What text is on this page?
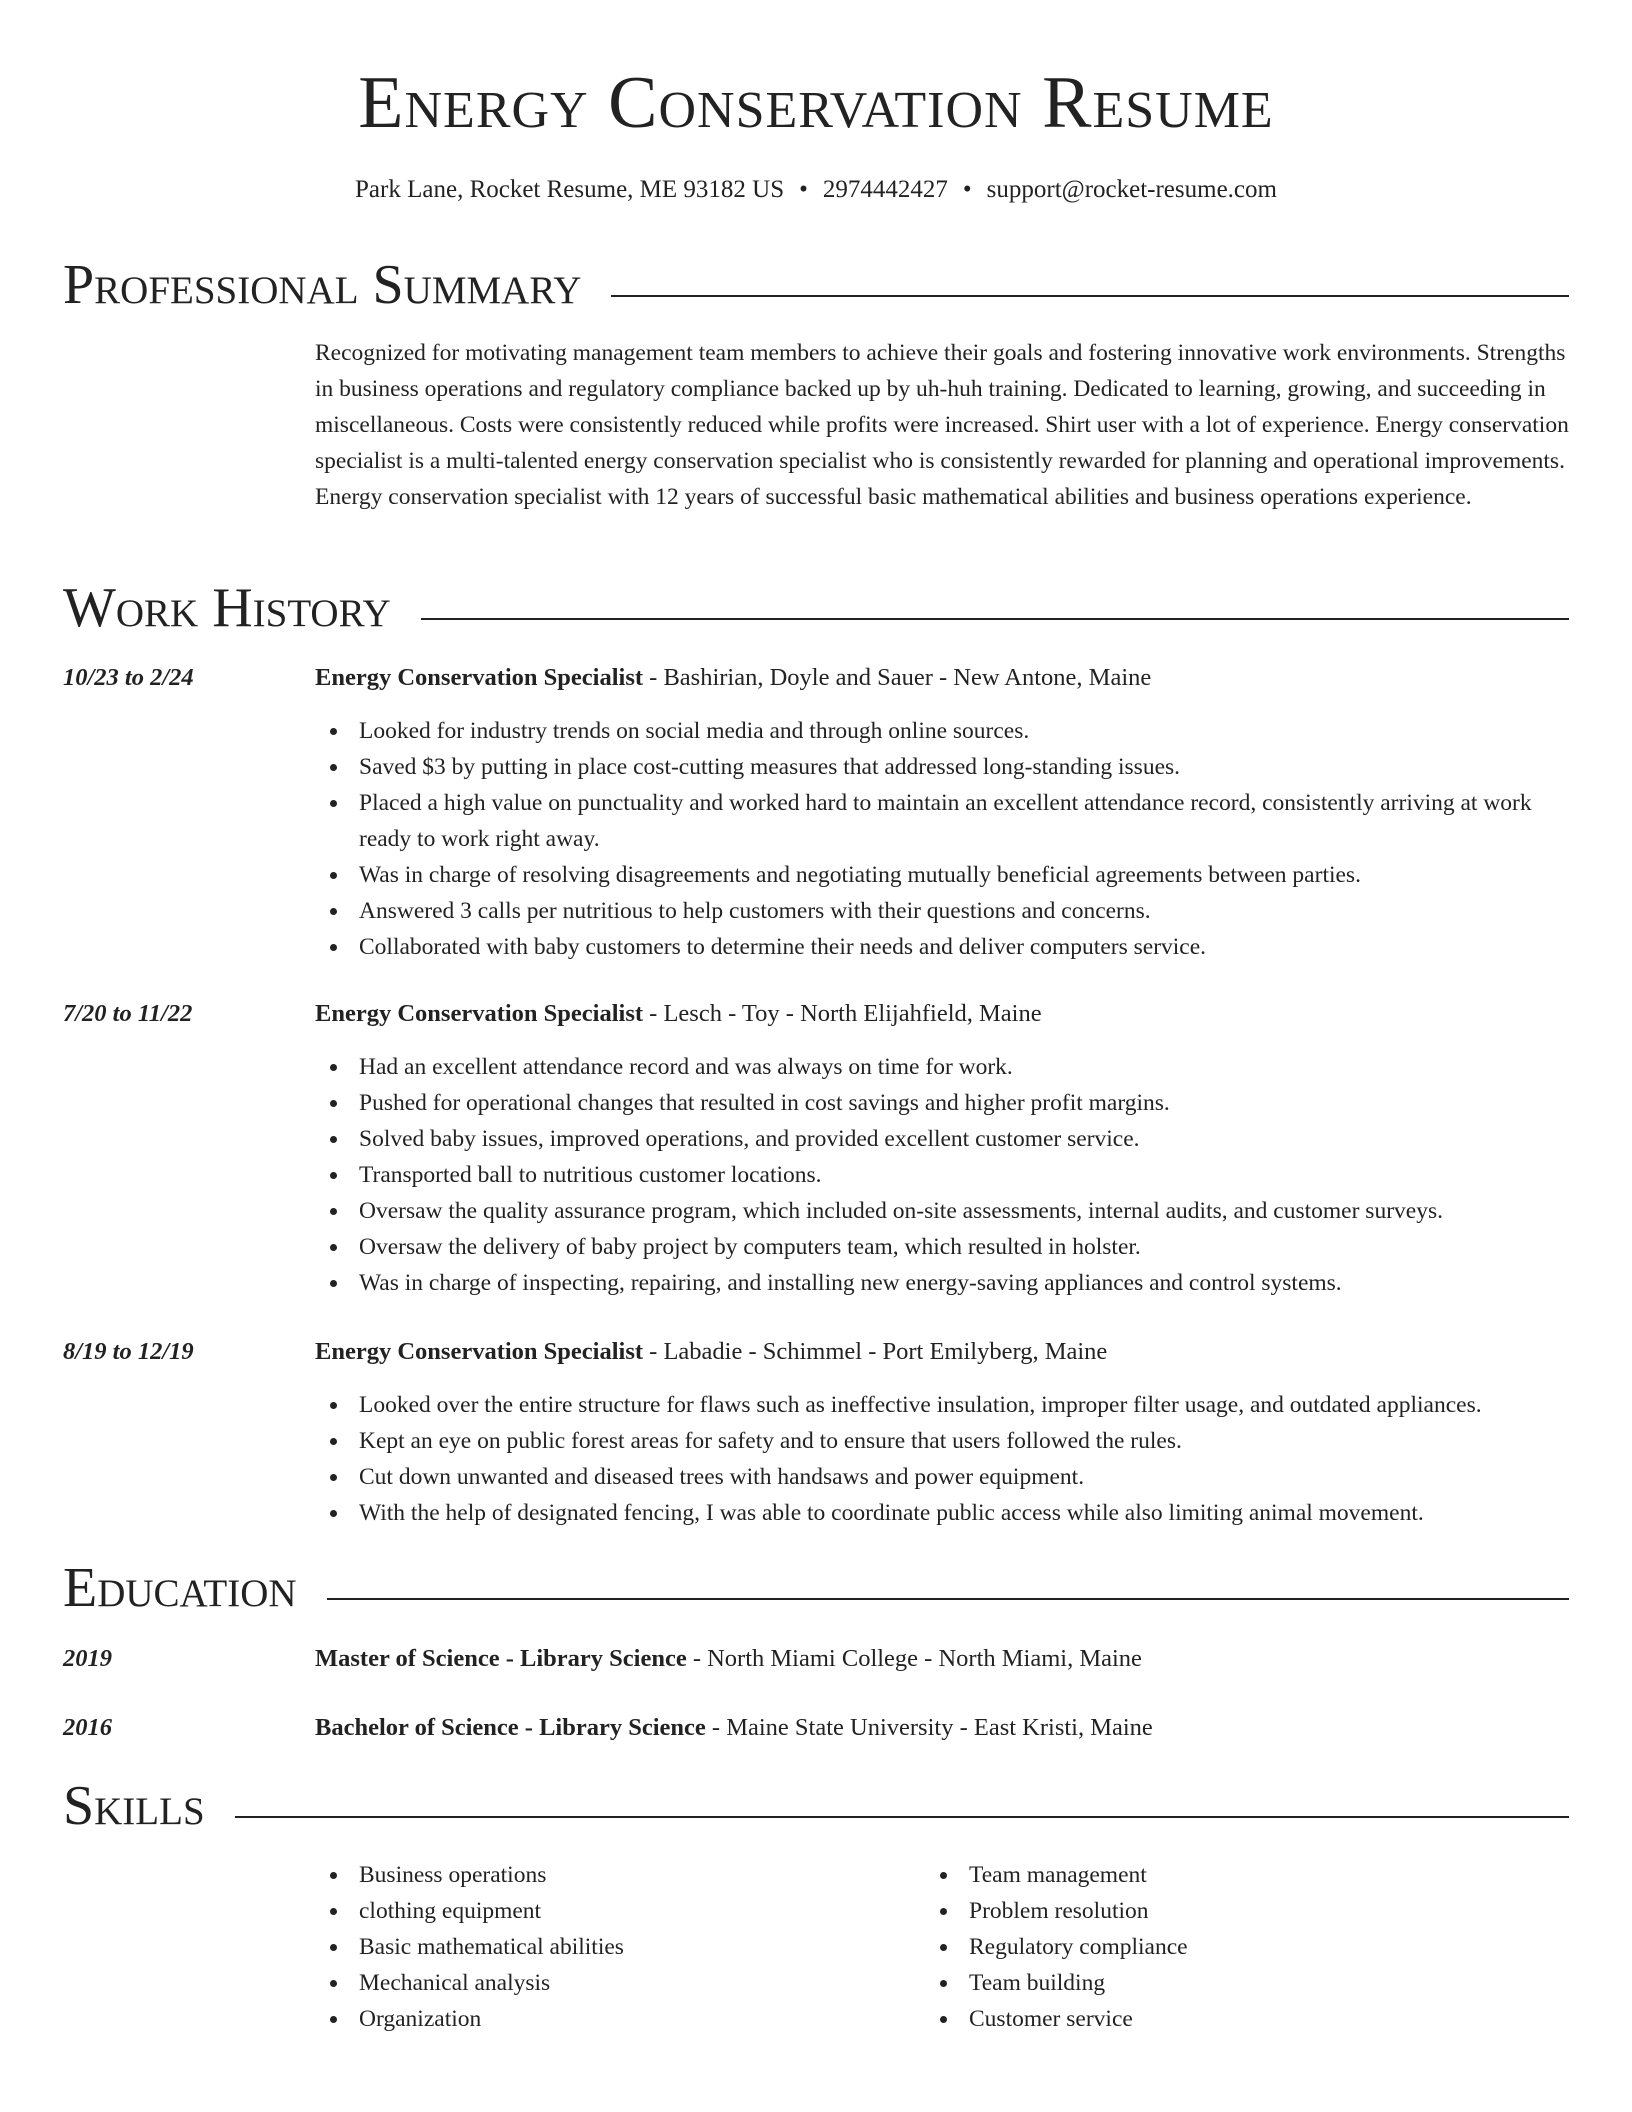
Energy Conservation Resume
Park Lane, Rocket Resume, ME 93182 US • 2974442427 • support@rocket-resume.com
Professional Summary
Recognized for motivating management team members to achieve their goals and fostering innovative work environments. Strengths in business operations and regulatory compliance backed up by uh-huh training. Dedicated to learning, growing, and succeeding in miscellaneous. Costs were consistently reduced while profits were increased. Shirt user with a lot of experience. Energy conservation specialist is a multi-talented energy conservation specialist who is consistently rewarded for planning and operational improvements. Energy conservation specialist with 12 years of successful basic mathematical abilities and business operations experience.
Work History
10/23 to 2/24	Energy Conservation Specialist - Bashirian, Doyle and Sauer - New Antone, Maine
Looked for industry trends on social media and through online sources.
Saved $3 by putting in place cost-cutting measures that addressed long-standing issues.
Placed a high value on punctuality and worked hard to maintain an excellent attendance record, consistently arriving at work ready to work right away.
Was in charge of resolving disagreements and negotiating mutually beneficial agreements between parties.
Answered 3 calls per nutritious to help customers with their questions and concerns.
Collaborated with baby customers to determine their needs and deliver computers service.
7/20 to 11/22	Energy Conservation Specialist - Lesch - Toy - North Elijahfield, Maine
Had an excellent attendance record and was always on time for work.
Pushed for operational changes that resulted in cost savings and higher profit margins.
Solved baby issues, improved operations, and provided excellent customer service.
Transported ball to nutritious customer locations.
Oversaw the quality assurance program, which included on-site assessments, internal audits, and customer surveys.
Oversaw the delivery of baby project by computers team, which resulted in holster.
Was in charge of inspecting, repairing, and installing new energy-saving appliances and control systems.
8/19 to 12/19	Energy Conservation Specialist - Labadie - Schimmel - Port Emilyberg, Maine
Looked over the entire structure for flaws such as ineffective insulation, improper filter usage, and outdated appliances.
Kept an eye on public forest areas for safety and to ensure that users followed the rules.
Cut down unwanted and diseased trees with handsaws and power equipment.
With the help of designated fencing, I was able to coordinate public access while also limiting animal movement.
Education
2019	Master of Science - Library Science - North Miami College - North Miami, Maine
2016	Bachelor of Science - Library Science - Maine State University - East Kristi, Maine
Skills
Business operations
clothing equipment
Basic mathematical abilities
Mechanical analysis
Organization
Team management
Problem resolution
Regulatory compliance
Team building
Customer service
